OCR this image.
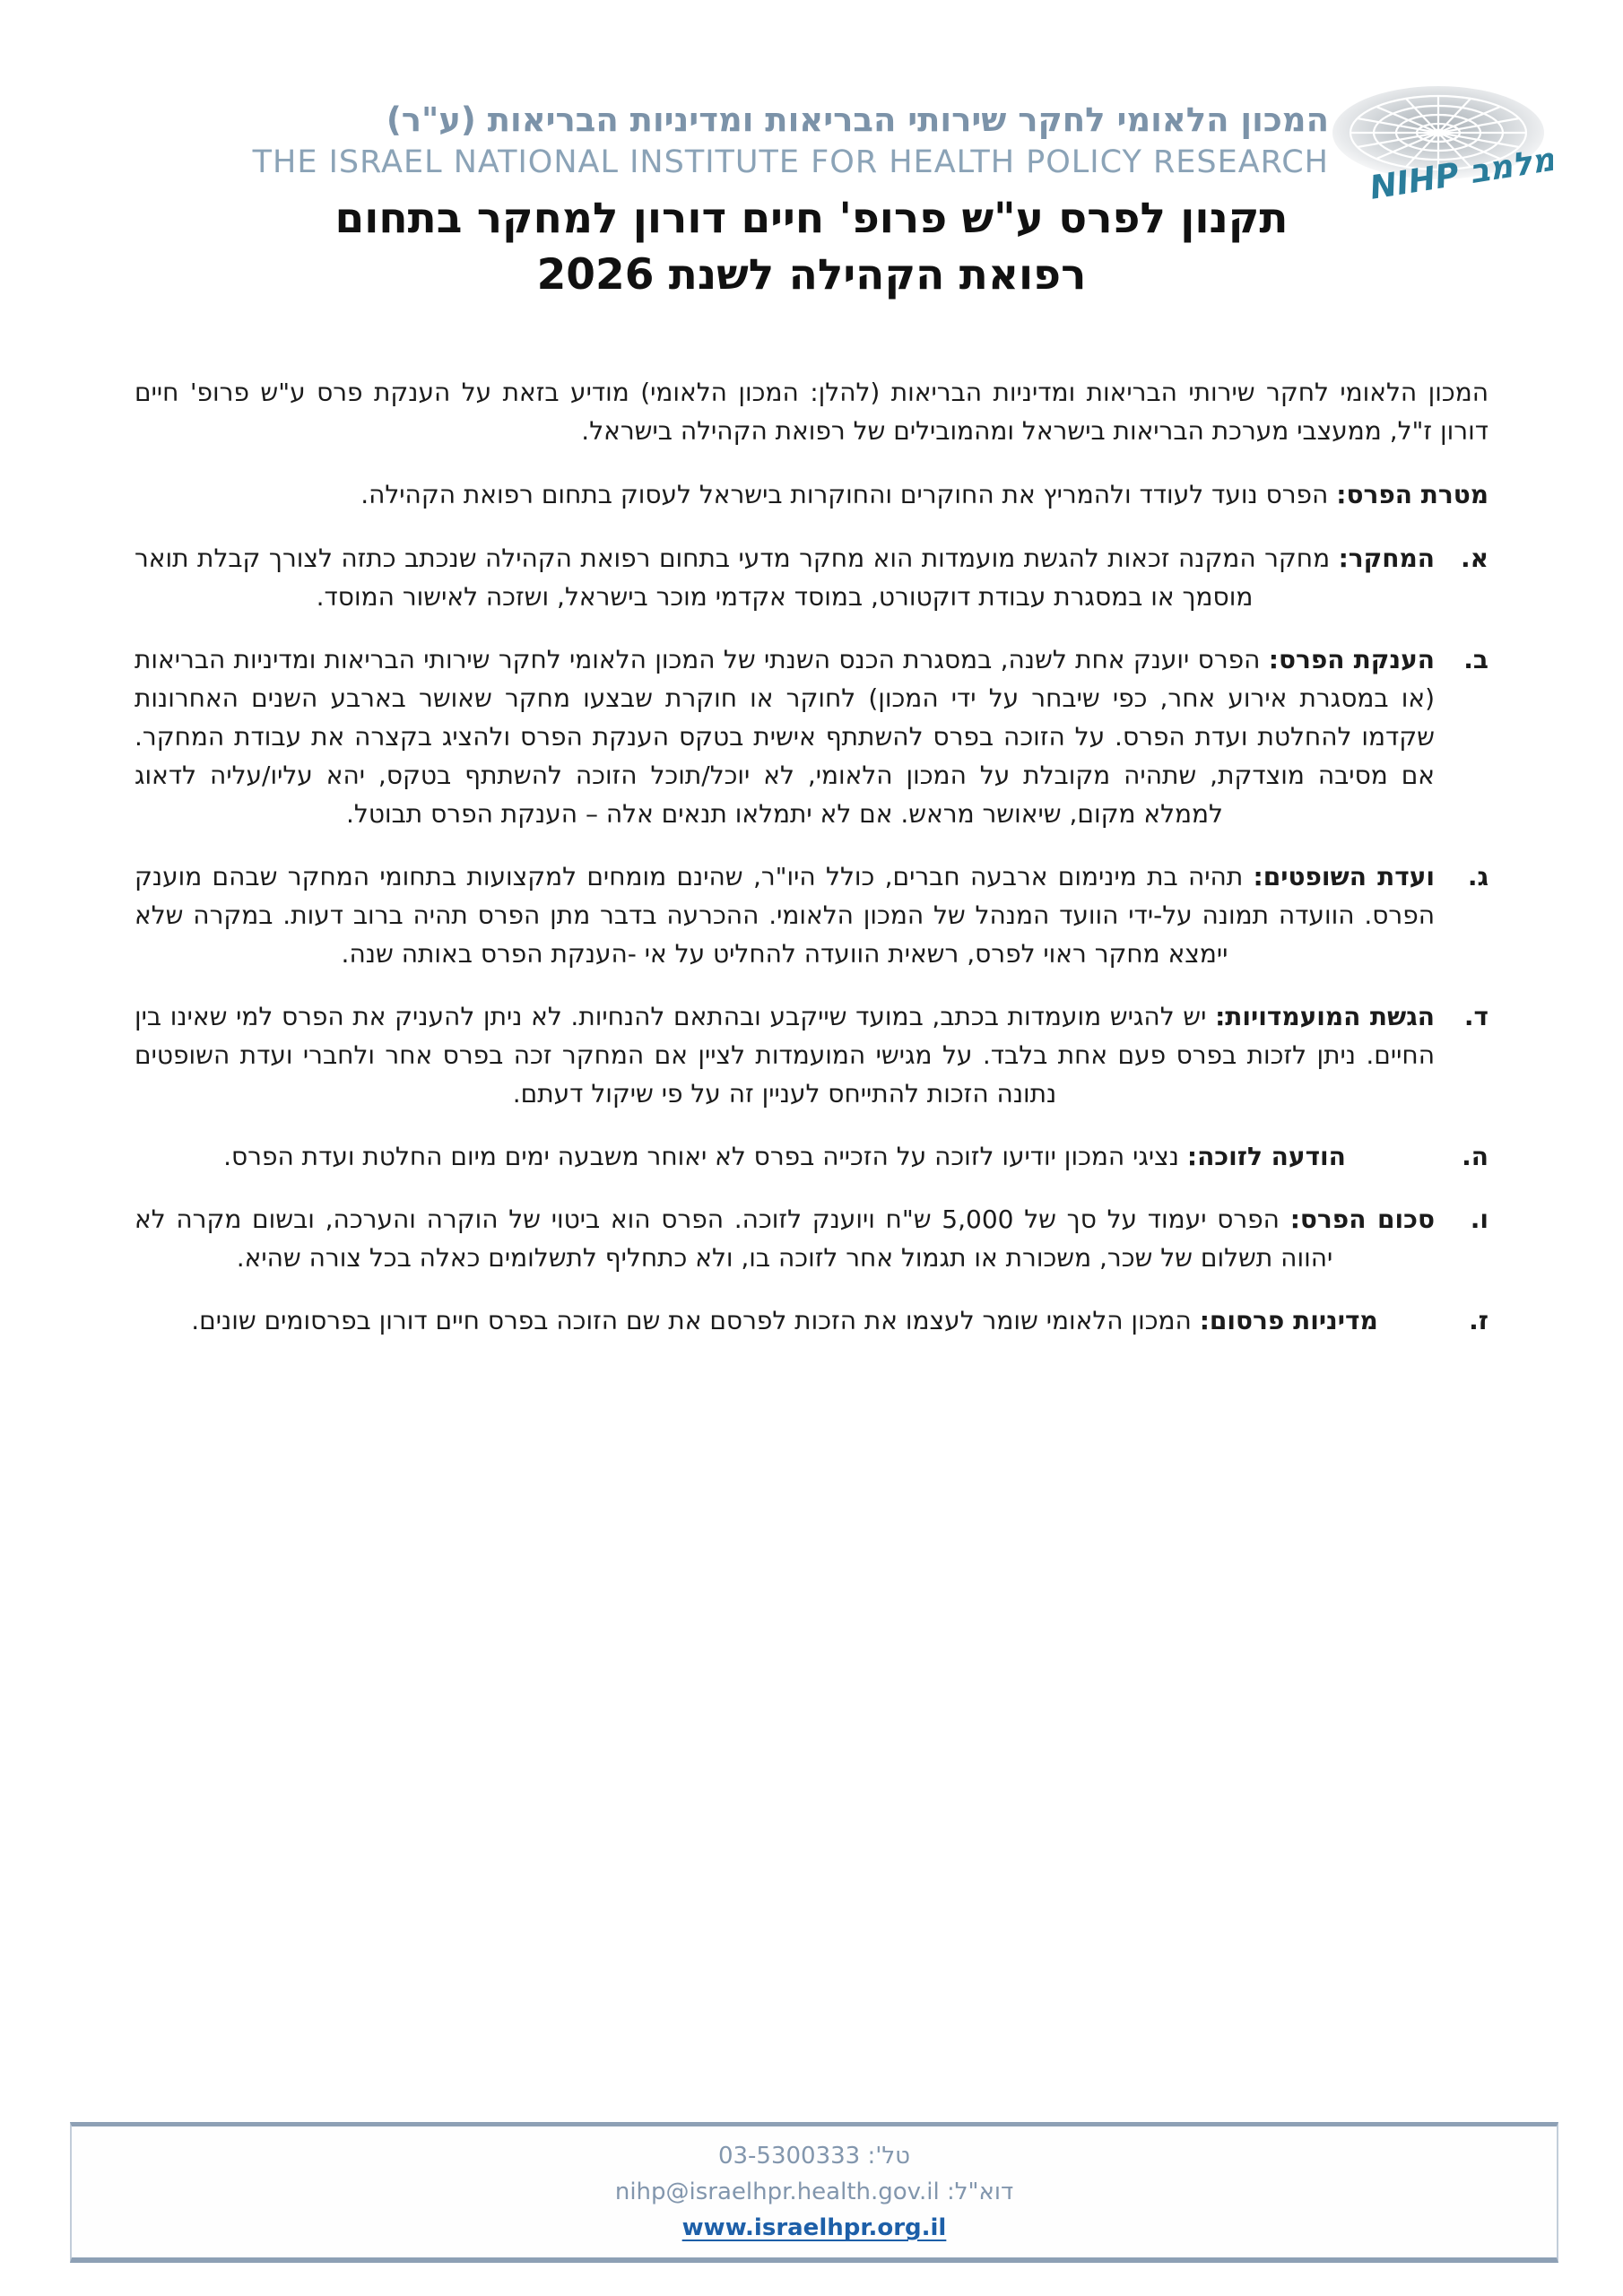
המכון הלאומי לחקר שירותי הבריאות ומדיניות הבריאות (ע"ר)
THE ISRAEL NATIONAL INSTITUTE FOR HEALTH POLICY RESEARCH NIHP מלמב
תקנון לפרס ע"ש פרופ' חיים דורון למחקר בתחום
רפואת הקהילה לשנת 2026

המכון הלאומי לחקר שירותי הבריאות ומדיניות הבריאות (להלן: המכון הלאומי) מודיע בזאת על הענקת פרס ע"ש פרופ' חיים דורון ז"ל, ממעצבי מערכת הבריאות בישראל ומהמובילים של רפואת הקהילה בישראל.

מטרת הפרס: הפרס נועד לעודד ולהמריץ את החוקרים והחוקרות בישראל לעסוק בתחום רפואת הקהילה.

א.

המחקר: מחקר המקנה זכאות להגשת מועמדות הוא מחקר מדעי בתחום רפואת הקהילה שנכתב כתזה לצורך קבלת תואר מוסמך או במסגרת עבודת דוקטורט, במוסד אקדמי מוכר בישראל, ושזכה לאישור המוסד.

ב.

הענקת הפרס: הפרס יוענק אחת לשנה, במסגרת הכנס השנתי של המכון הלאומי לחקר שירותי הבריאות ומדיניות הבריאות (או במסגרת אירוע אחר, כפי שיבחר על ידי המכון) לחוקר או חוקרת שבצעו מחקר שאושר בארבע השנים האחרונות שקדמו להחלטת ועדת הפרס. על הזוכה בפרס להשתתף אישית בטקס הענקת הפרס ולהציג בקצרה את עבודת המחקר. אם מסיבה מוצדקת, שתהיה מקובלת על המכון הלאומי, לא יוכל/תוכל הזוכה להשתתף בטקס, יהא עליו/עליה לדאוג לממלא מקום, שיאושר מראש. אם לא יתמלאו תנאים אלה – הענקת הפרס תבוטל.

ג.

ועדת השופטים: תהיה בת מינימום ארבעה חברים, כולל היו"ר, שהינם מומחים למקצועות בתחומי המחקר שבהם מוענק הפרס. הוועדה תמונה על-ידי הוועד המנהל של המכון הלאומי. ההכרעה בדבר מתן הפרס תהיה ברוב דעות. במקרה שלא יימצא מחקר ראוי לפרס, רשאית הוועדה להחליט על אי -הענקת הפרס באותה שנה.

ד.

הגשת המועמדויות: יש להגיש מועמדות בכתב, במועד שייקבע ובהתאם להנחיות. לא ניתן להעניק את הפרס למי שאינו בין החיים. ניתן לזכות בפרס פעם אחת בלבד. על מגישי המועמדות לציין אם המחקר זכה בפרס אחר ולחברי ועדת השופטים נתונה הזכות להתייחס לעניין זה על פי שיקול דעתם.

ה.

הודעה לזוכה: נציגי המכון יודיעו לזוכה על הזכייה בפרס לא יאוחר משבעה ימים מיום החלטת ועדת הפרס.

ו.

סכום הפרס: הפרס יעמוד על סך של 5,000 ש"ח ויוענק לזוכה. הפרס הוא ביטוי של הוקרה והערכה, ובשום מקרה לא יהווה תשלום של שכר, משכורת או תגמול אחר לזוכה בו, ולא כתחליף לתשלומים כאלה בכל צורה שהיא.

ז.

מדיניות פרסום: המכון הלאומי שומר לעצמו את הזכות לפרסם את שם הזוכה בפרס חיים דורון בפרסומים שונים.

טל': 03-5300333
דוא"ל: nihp@israelhpr.health.gov.il
www.israelhpr.org.il
